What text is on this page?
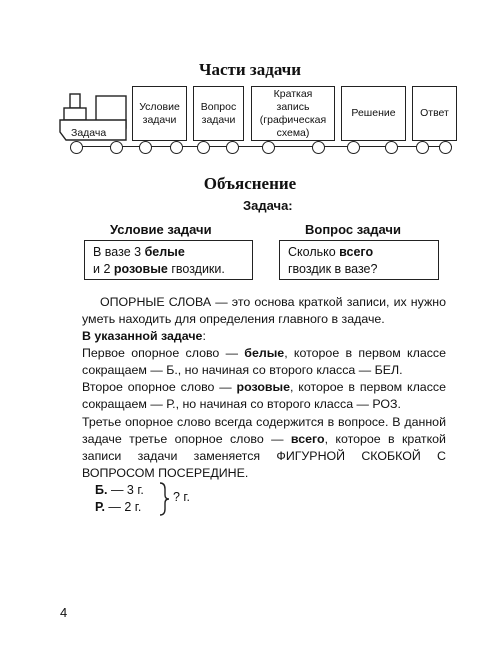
Части задачи
Задача
Условие
задачи
Вопрос
задачи
Краткая
запись
(графическая
схема)
Решение Ответ
Объяснение
Задача:
Условие задачи	Вопрос задачи
В вазе 3 белые
и 2 розовые гвоздики.
Сколько всего
гвоздик в вазе?
ОПОРНЫЕ СЛОВА — это основа краткой записи, их нужно уметь находить для определения главного в задаче.
В указанной задаче:
Первое опорное слово — белые, которое в первом классе сокращаем — Б., но начиная со второго класса — БЕЛ.
Второе опорное слово — розовые, которое в первом классе сокращаем — Р., но начиная со второго класса — РОЗ.
Третье опорное слово всегда содержится в вопросе. В данной задаче третье опорное слово — всего, которое в краткой записи задачи заменяется ФИГУРНОЙ СКОБКОЙ С ВОПРОСОМ ПОСЕРЕДИНЕ.
Б. — 3 г.
Р. — 2 г.
? г.
4
